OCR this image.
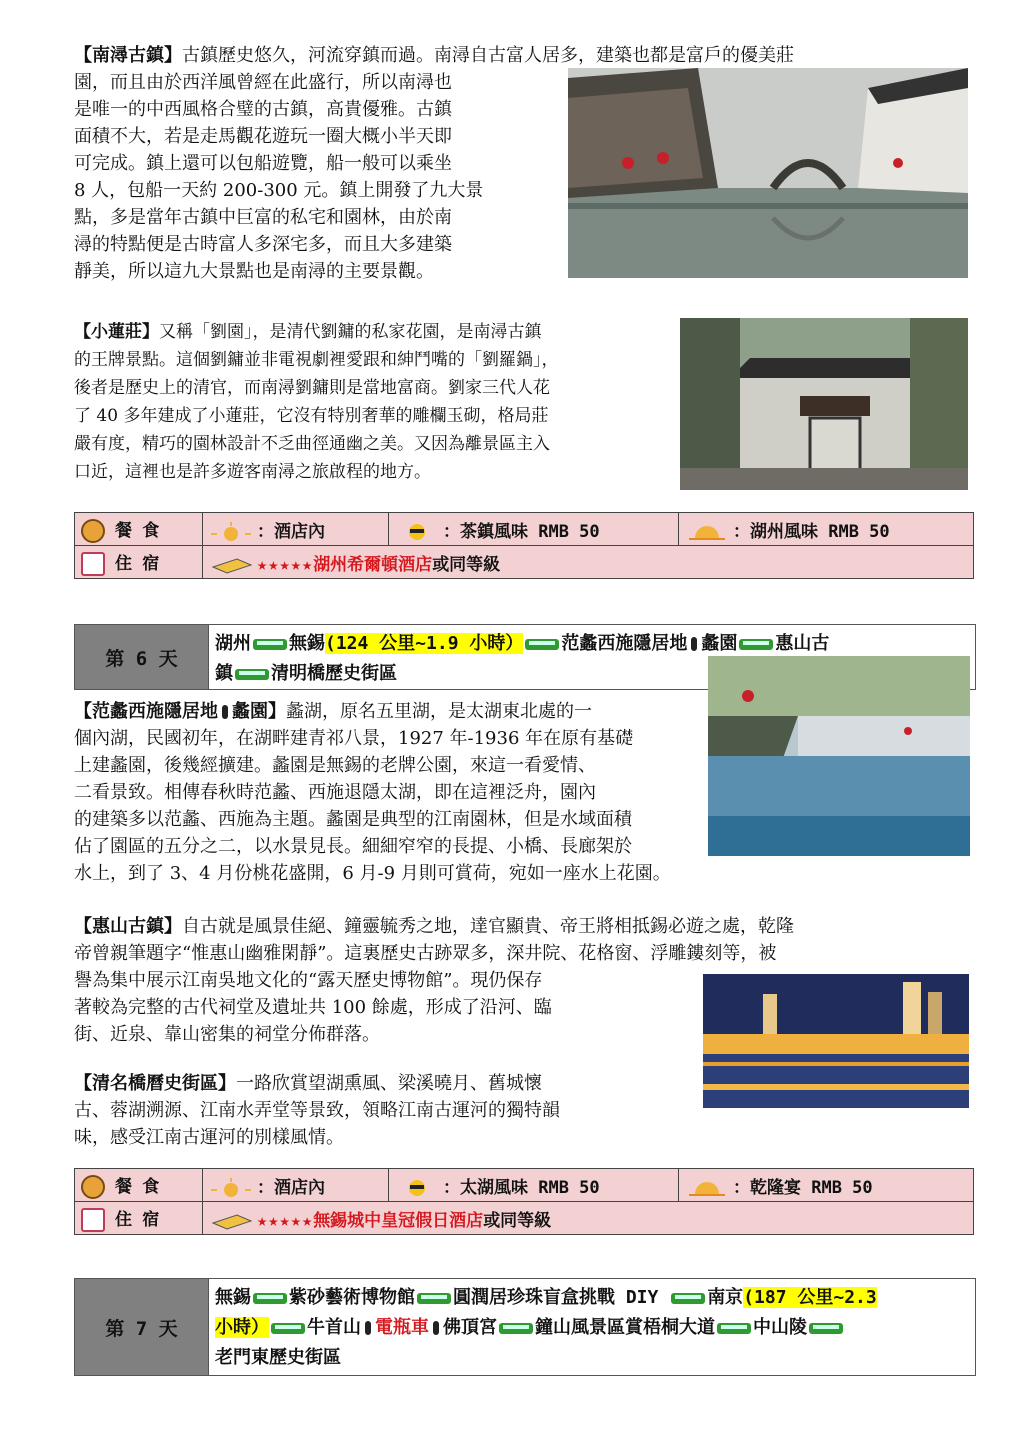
【南潯古鎮】古鎮歷史悠久，河流穿鎮而過。南潯自古富人居多，建築也都是富戶的優美莊
園，而且由於西洋風曾經在此盛行，所以南潯也
是唯一的中西風格合璧的古鎮，高貴優雅。古鎮
面積不大，若是走馬觀花遊玩一圈大概小半天即
可完成。鎮上還可以包船遊覽，船一般可以乘坐
8 人，包船一天約 200-300 元。鎮上開發了九大景
點，多是當年古鎮中巨富的私宅和園林，由於南
潯的特點便是古時富人多深宅多，而且大多建築
靜美，所以這九大景點也是南潯的主要景觀。
【小蓮莊】又稱「劉園」，是清代劉鏞的私家花園，是南潯古鎮
的王牌景點。這個劉鏞並非電視劇裡愛跟和紳鬥嘴的「劉羅鍋」，
後者是歷史上的清官，而南潯劉鏞則是當地富商。劉家三代人花
了 40 多年建成了小蓮莊，它沒有特別奢華的雕欄玉砌，格局莊
嚴有度，精巧的園林設計不乏曲徑通幽之美。又因為離景區主入
口近，這裡也是許多遊客南潯之旅啟程的地方。
餐 食	：酒店內	：茶鎮風味 RMB 50	：湖州風味 RMB 50
住 宿	★★★★★湖州希爾頓酒店或同等級		
第 6 天
湖州 無錫(124 公里~1.9 小時） 范蠡西施隱居地 蠡園 惠山古
鎮 清明橋歷史街區
【范蠡西施隱居地 蠡園】蠡湖，原名五里湖，是太湖東北處的一
個內湖，民國初年，在湖畔建青祁八景，1927 年-1936 年在原有基礎
上建蠡園，後幾經擴建。蠡園是無錫的老牌公園，來這一看愛情、
二看景致。相傳春秋時范蠡、西施退隱太湖，即在這裡泛舟，園內
的建築多以范蠡、西施為主題。蠡園是典型的江南園林，但是水域面積
佔了園區的五分之二，以水景見長。細細窄窄的長提、小橋、長廊架於
水上，到了 3、4 月份桃花盛開，6 月-9 月則可賞荷，宛如一座水上花園。
【惠山古鎮】自古就是風景佳絕、鐘靈毓秀之地，達官顯貴、帝王將相抵錫必遊之處，乾隆
帝曾親筆題字“惟惠山幽雅閑靜”。這裏歷史古跡眾多，深井院、花格窗、浮雕鏤刻等，被
譽為集中展示江南吳地文化的“露天歷史博物館”。現仍保存
著較為完整的古代祠堂及遺址共 100 餘處，形成了沿河、臨
街、近泉、靠山密集的祠堂分佈群落。
【清名橋曆史街區】一路欣賞望湖熏風、梁溪曉月、舊城懷
古、蓉湖溯源、江南水弄堂等景致，領略江南古運河的獨特韻
味，感受江南古運河的別樣風情。
餐 食	：酒店內	：太湖風味 RMB 50	：乾隆宴 RMB 50
住 宿	★★★★★無錫城中皇冠假日酒店或同等級		
第 7 天
無錫 紫砂藝術博物館 圓潤居珍珠盲盒挑戰 DIY 南京(187 公里~2.3
小時） 牛首山 電瓶車 佛頂宮 鐘山風景區賞梧桐大道 中山陵
老門東歷史街區
